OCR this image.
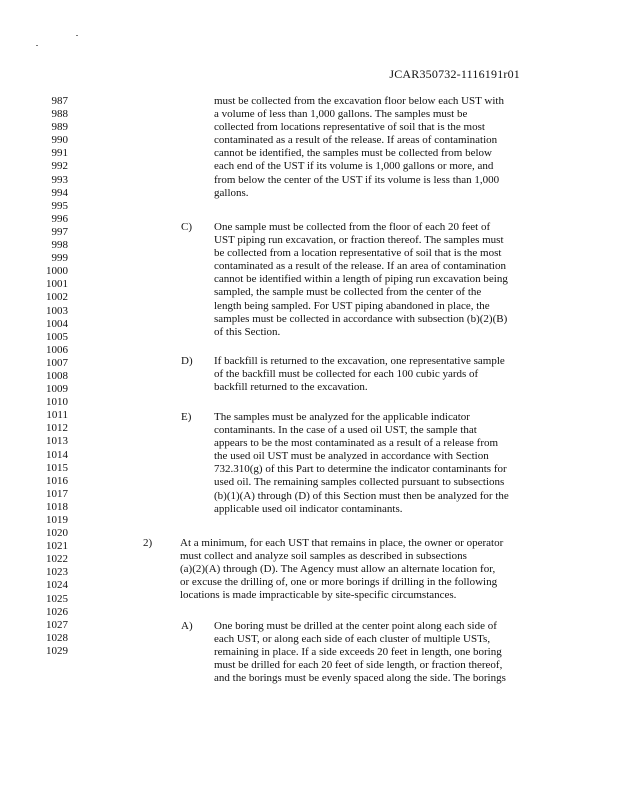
JCAR350732-1116191r01
987
988
989
990
991
992
993
994
995
996
997
998
999
1000
1001
1002
1003
1004
1005
1006
1007
1008
1009
1010
1011
1012
1013
1014
1015
1016
1017
1018
1019
1020
1021
1022
1023
1024
1025
1026
1027
1028
1029
must be collected from the excavation floor below each UST with
a volume of less than 1,000 gallons. The samples must be
collected from locations representative of soil that is the most
contaminated as a result of the release. If areas of contamination
cannot be identified, the samples must be collected from below
each end of the UST if its volume is 1,000 gallons or more, and
from below the center of the UST if its volume is less than 1,000
gallons.
C) One sample must be collected from the floor of each 20 feet of
UST piping run excavation, or fraction thereof. The samples must
be collected from a location representative of soil that is the most
contaminated as a result of the release. If an area of contamination
cannot be identified within a length of piping run excavation being
sampled, the sample must be collected from the center of the
length being sampled. For UST piping abandoned in place, the
samples must be collected in accordance with subsection (b)(2)(B)
of this Section.
D) If backfill is returned to the excavation, one representative sample
of the backfill must be collected for each 100 cubic yards of
backfill returned to the excavation.
E) The samples must be analyzed for the applicable indicator
contaminants. In the case of a used oil UST, the sample that
appears to be the most contaminated as a result of a release from
the used oil UST must be analyzed in accordance with Section
732.310(g) of this Part to determine the indicator contaminants for
used oil. The remaining samples collected pursuant to subsections
(b)(1)(A) through (D) of this Section must then be analyzed for the
applicable used oil indicator contaminants.
2)	At a minimum, for each UST that remains in place, the owner or operator
must collect and analyze soil samples as described in subsections
(a)(2)(A) through (D). The Agency must allow an alternate location for,
or excuse the drilling of, one or more borings if drilling in the following
locations is made impracticable by site-specific circumstances.
A) One boring must be drilled at the center point along each side of
each UST, or along each side of each cluster of multiple USTs,
remaining in place. If a side exceeds 20 feet in length, one boring
must be drilled for each 20 feet of side length, or fraction thereof,
and the borings must be evenly spaced along the side. The borings
